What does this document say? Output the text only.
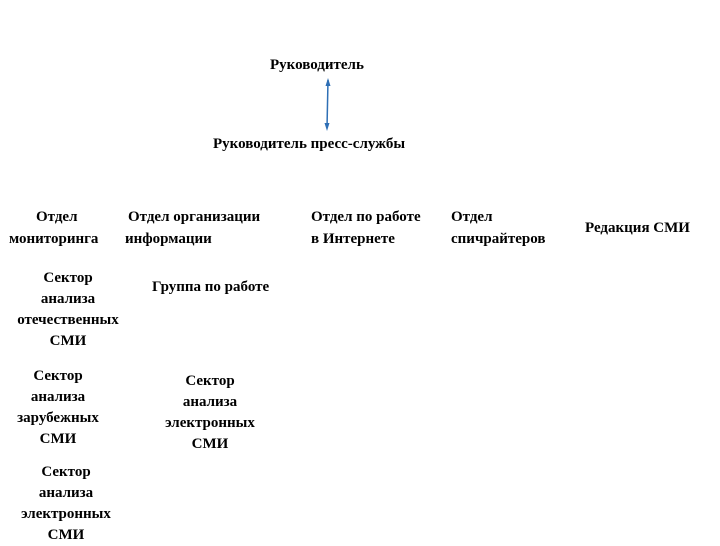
Руководитель
Руководитель пресс-службы
Отдел
мониторинга
Отдел организации
информации
Отдел по работе
в Интернете
Отдел
спичрайтеров
Редакция СМИ
Сектор
анализа
отечественных
СМИ
Группа по работе
Сектор
анализа
зарубежных
СМИ
Сектор
анализа
электронных
СМИ
Сектор
анализа
электронных
СМИ
